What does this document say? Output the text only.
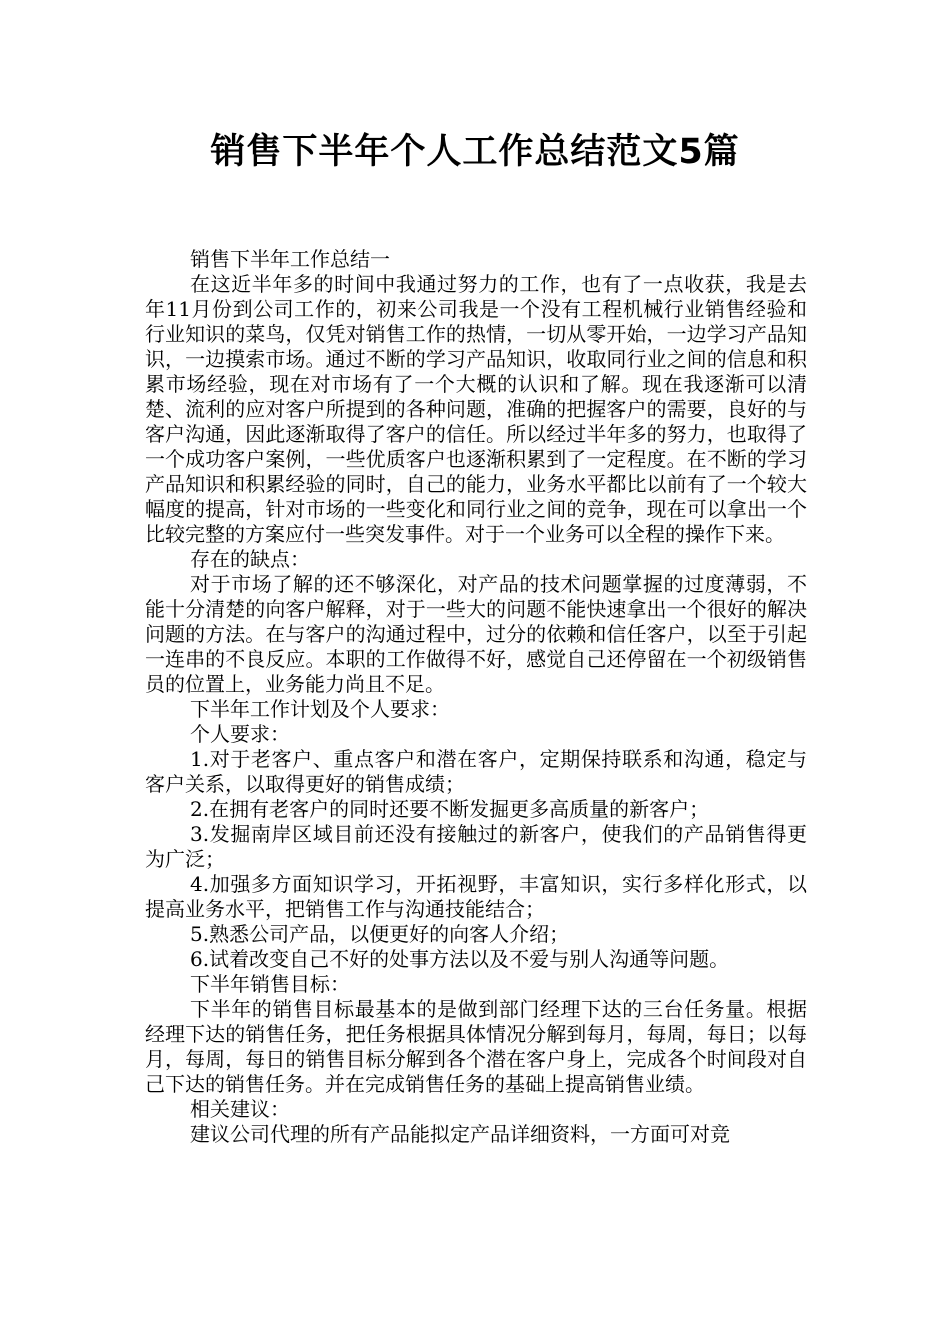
销售下半年个人工作总结范文5篇

销售下半年工作总结一

在这近半年多的时间中我通过努力的工作，也有了一点收获，我是去年11月份到公司工作的，初来公司我是一个没有工程机械行业销售经验和行业知识的菜鸟，仅凭对销售工作的热情，一切从零开始，一边学习产品知识，一边摸索市场。通过不断的学习产品知识，收取同行业之间的信息和积累市场经验，现在对市场有了一个大概的认识和了解。现在我逐渐可以清楚、流利的应对客户所提到的各种问题，准确的把握客户的需要，良好的与客户沟通，因此逐渐取得了客户的信任。所以经过半年多的努力，也取得了一个成功客户案例，一些优质客户也逐渐积累到了一定程度。在不断的学习产品知识和积累经验的同时，自己的能力，业务水平都比以前有了一个较大幅度的提高，针对市场的一些变化和同行业之间的竞争，现在可以拿出一个比较完整的方案应付一些突发事件。对于一个业务可以全程的操作下来。

存在的缺点：

对于市场了解的还不够深化，对产品的技术问题掌握的过度薄弱，不能十分清楚的向客户解释，对于一些大的问题不能快速拿出一个很好的解决问题的方法。在与客户的沟通过程中，过分的依赖和信任客户，以至于引起一连串的不良反应。本职的工作做得不好，感觉自己还停留在一个初级销售员的位置上，业务能力尚且不足。

下半年工作计划及个人要求：

个人要求：

1.对于老客户、重点客户和潜在客户，定期保持联系和沟通，稳定与客户关系，以取得更好的销售成绩；

2.在拥有老客户的同时还要不断发掘更多高质量的新客户；

3.发掘南岸区域目前还没有接触过的新客户，使我们的产品销售得更为广泛；

4.加强多方面知识学习，开拓视野，丰富知识，实行多样化形式，以提高业务水平，把销售工作与沟通技能结合；

5.熟悉公司产品，以便更好的向客人介绍；

6.试着改变自己不好的处事方法以及不爱与别人沟通等问题。

下半年销售目标：

下半年的销售目标最基本的是做到部门经理下达的三台任务量。根据经理下达的销售任务，把任务根据具体情况分解到每月，每周，每日；以每月，每周，每日的销售目标分解到各个潜在客户身上，完成各个时间段对自己下达的销售任务。并在完成销售任务的基础上提高销售业绩。

相关建议：

建议公司代理的所有产品能拟定产品详细资料，一方面可对竞
